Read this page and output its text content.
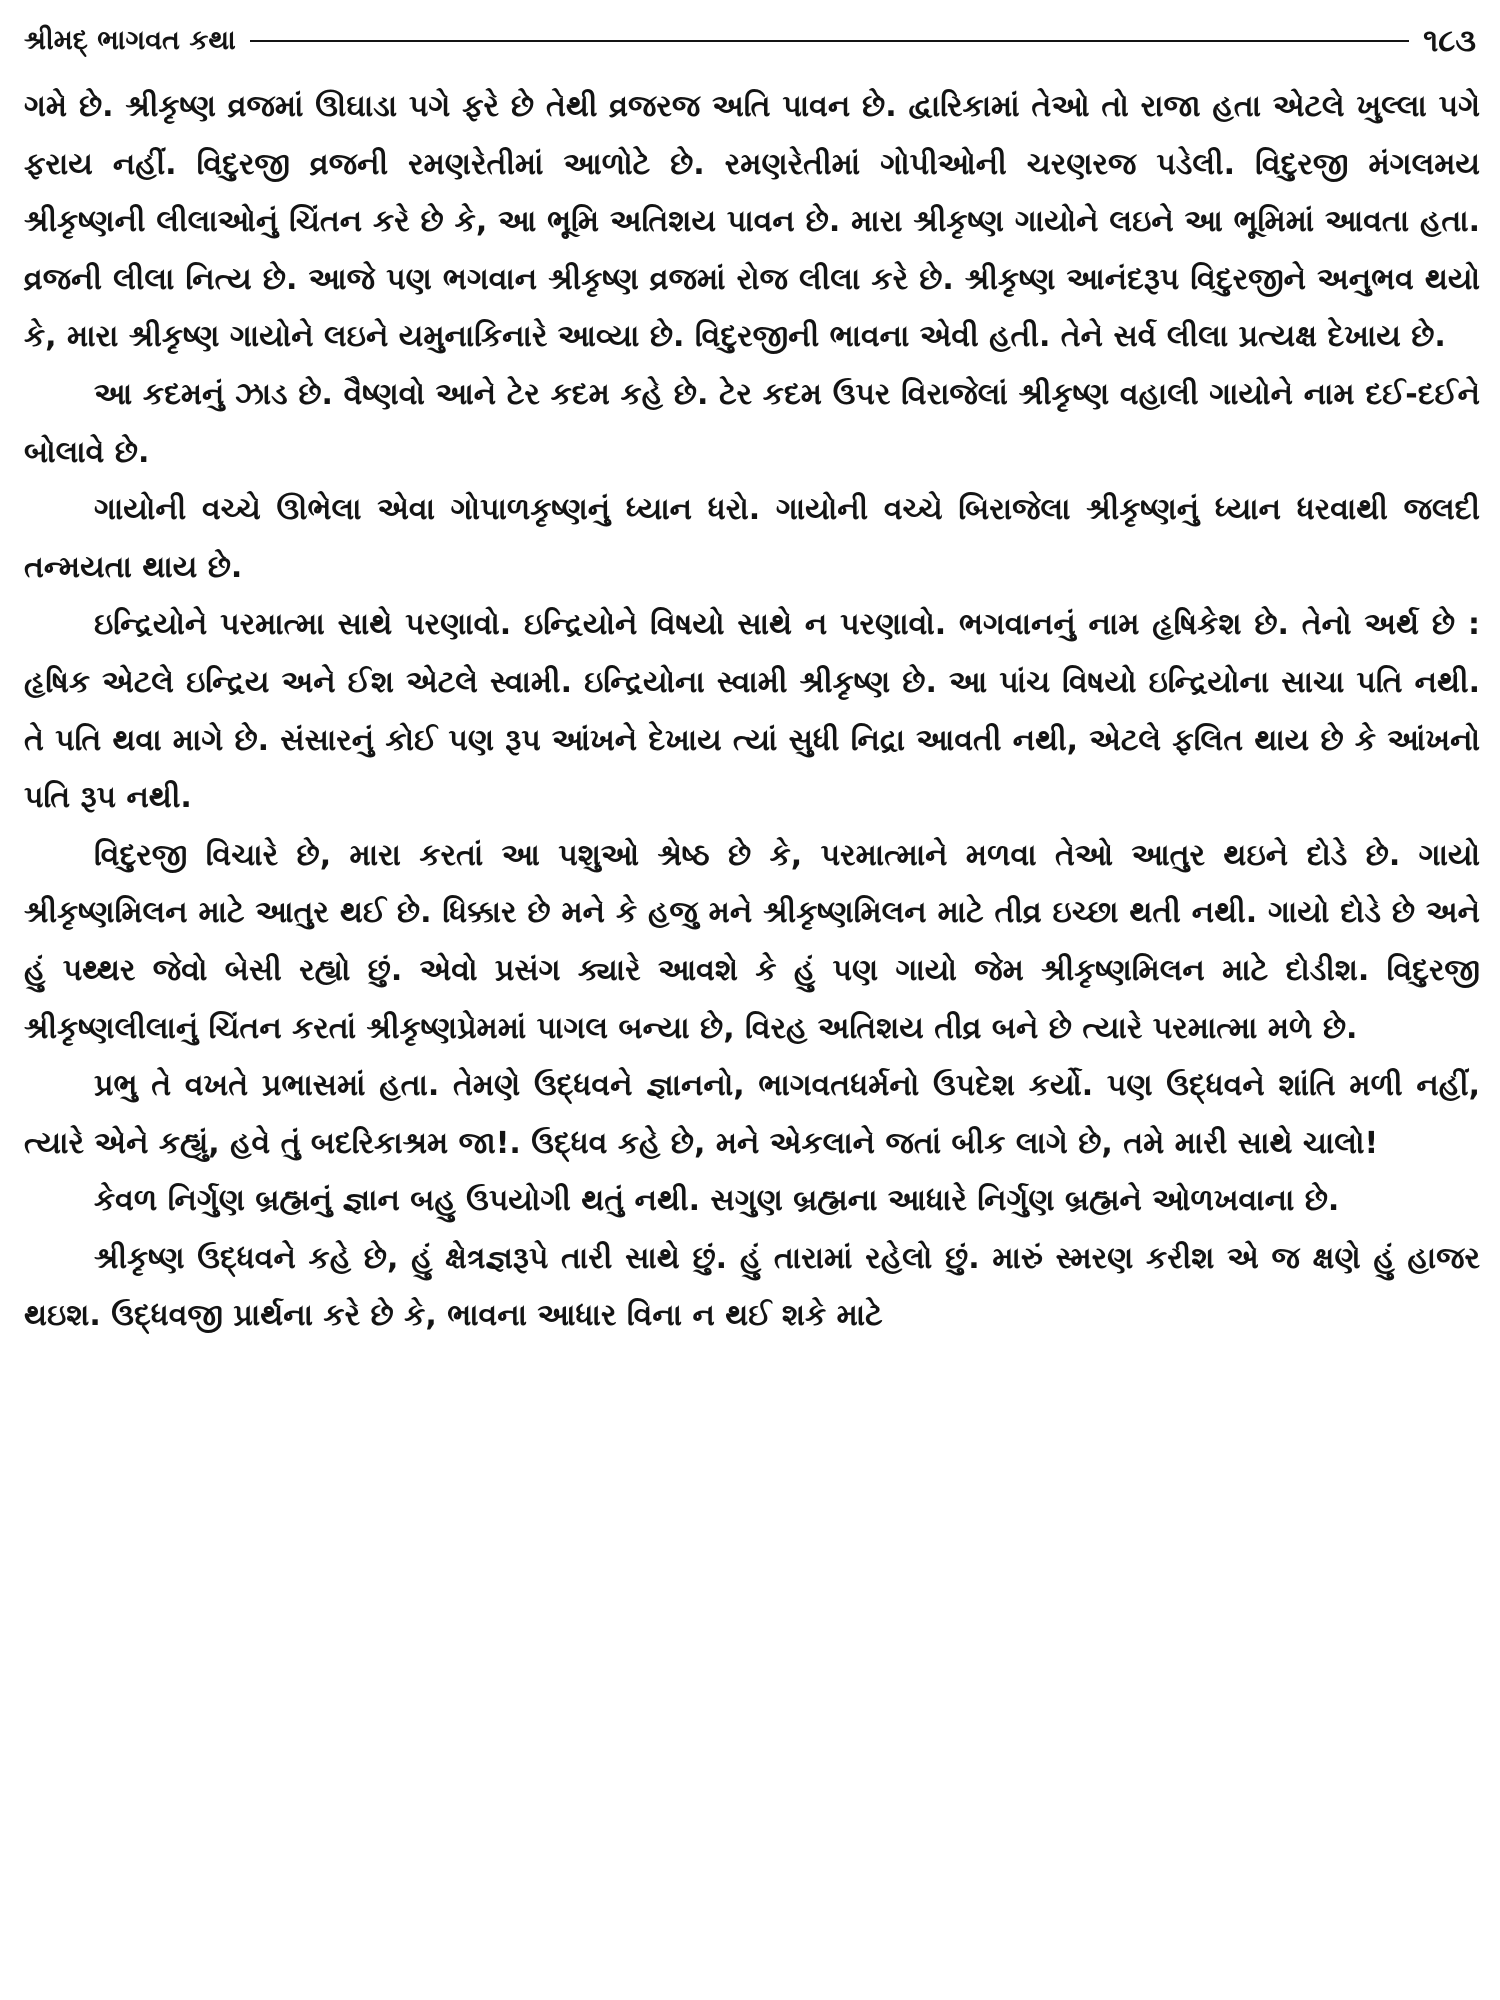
શ્રીમદ્ ભાગવત કથા	૧૮૩

ગમે છે. શ્રીકૃષ્ણ વ્રજમાં ઊઘાડા પગે ફરે છે તેથી વ્રજરજ અતિ પાવન છે. દ્વારિકામાં તેઓ તો રાજા હતા એટલે ખુલ્લા પગે ફરાય નહીં. વિદુરજી વ્રજની રમણરેતીમાં આળોટે છે. રમણરેતીમાં ગોપીઓની ચરણરજ પડેલી. વિદુરજી મંગલમય શ્રીકૃષ્ણની લીલાઓનું ચિંતન કરે છે કે, આ ભૂમિ અતિશય પાવન છે. મારા શ્રીકૃષ્ણ ગાયોને લઇને આ ભૂમિમાં આવતા હતા. વ્રજની લીલા નિત્ય છે. આજે પણ ભગવાન શ્રીકૃષ્ણ વ્રજમાં રોજ લીલા કરે છે. શ્રીકૃષ્ણ આનંદરૂપ વિદુરજીને અનુભવ થયો કે, મારા શ્રીકૃષ્ણ ગાયોને લઇને યમુનાકિનારે આવ્યા છે. વિદુરજીની ભાવના એવી હતી. તેને સર્વ લીલા પ્રત્યક્ષ દેખાય છે.

આ કદમનું ઝાડ છે. વૈષ્ણવો આને ટેર કદમ કહે છે. ટેર કદમ ઉપર વિરાજેલાં શ્રીકૃષ્ણ વહાલી ગાયોને નામ દઈ-દઈને બોલાવે છે.

ગાયોની વચ્ચે ઊભેલા એવા ગોપાળકૃષ્ણનું ધ્યાન ધરો. ગાયોની વચ્ચે બિરાજેલા શ્રીકૃષ્ણનું ધ્યાન ધરવાથી જલદી તન્મયતા થાય છે.

ઇન્દ્રિયોને પરમાત્મા સાથે પરણાવો. ઇન્દ્રિયોને વિષયો સાથે ન પરણાવો. ભગવાનનું નામ હૃષિકેશ છે. તેનો અર્થ છે : હૃષિક એટલે ઇન્દ્રિય અને ઈશ એટલે સ્વામી. ઇન્દ્રિયોના સ્વામી શ્રીકૃષ્ણ છે. આ પાંચ વિષયો ઇન્દ્રિયોના સાચા પતિ નથી. તે પતિ થવા માગે છે. સંસારનું કોઈ પણ રૂપ આંખને દેખાય ત્યાં સુધી નિદ્રા આવતી નથી, એટલે ફલિત થાય છે કે આંખનો પતિ રૂપ નથી.

વિદુરજી વિચારે છે, મારા કરતાં આ પશુઓ શ્રેષ્ઠ છે કે, પરમાત્માને મળવા તેઓ આતુર થઇને દોડે છે. ગાયો શ્રીકૃષ્ણમિલન માટે આતુર થઈ છે. ધિક્કાર છે મને કે હજુ મને શ્રીકૃષ્ણમિલન માટે તીવ્ર ઇચ્છા થતી નથી. ગાયો દોડે છે અને હું પથ્થર જેવો બેસી રહ્યો છું. એવો પ્રસંગ ક્યારે આવશે કે હું પણ ગાયો જેમ શ્રીકૃષ્ણમિલન માટે દોડીશ. વિદુરજી શ્રીકૃષ્ણલીલાનું ચિંતન કરતાં શ્રીકૃષ્ણપ્રેમમાં પાગલ બન્યા છે, વિરહ અતિશય તીવ્ર બને છે ત્યારે પરમાત્મા મળે છે.

પ્રભુ તે વખતે પ્રભાસમાં હતા. તેમણે ઉદ્ધવને જ્ઞાનનો, ભાગવતધર્મનો ઉપદેશ કર્યો. પણ ઉદ્ધવને શાંતિ મળી નહીં, ત્યારે એને કહ્યું, હવે તું બદરિકાશ્રમ જા!. ઉદ્ધવ કહે છે, મને એકલાને જતાં બીક લાગે છે, તમે મારી સાથે ચાલો!

કેવળ નિર્ગુણ બ્રહ્મનું જ્ઞાન બહુ ઉપયોગી થતું નથી. સગુણ બ્રહ્મના આધારે નિર્ગુણ બ્રહ્મને ઓળખવાના છે.

શ્રીકૃષ્ણ ઉદ્ધવને કહે છે, હું ક્ષેત્રજ્ઞરૂપે તારી સાથે છું. હું તારામાં રહેલો છું. મારું સ્મરણ કરીશ એ જ ક્ષણે હું હાજર થઇશ. ઉદ્ધવજી પ્રાર્થના કરે છે કે, ભાવના આધાર વિના ન થઈ શકે માટે
